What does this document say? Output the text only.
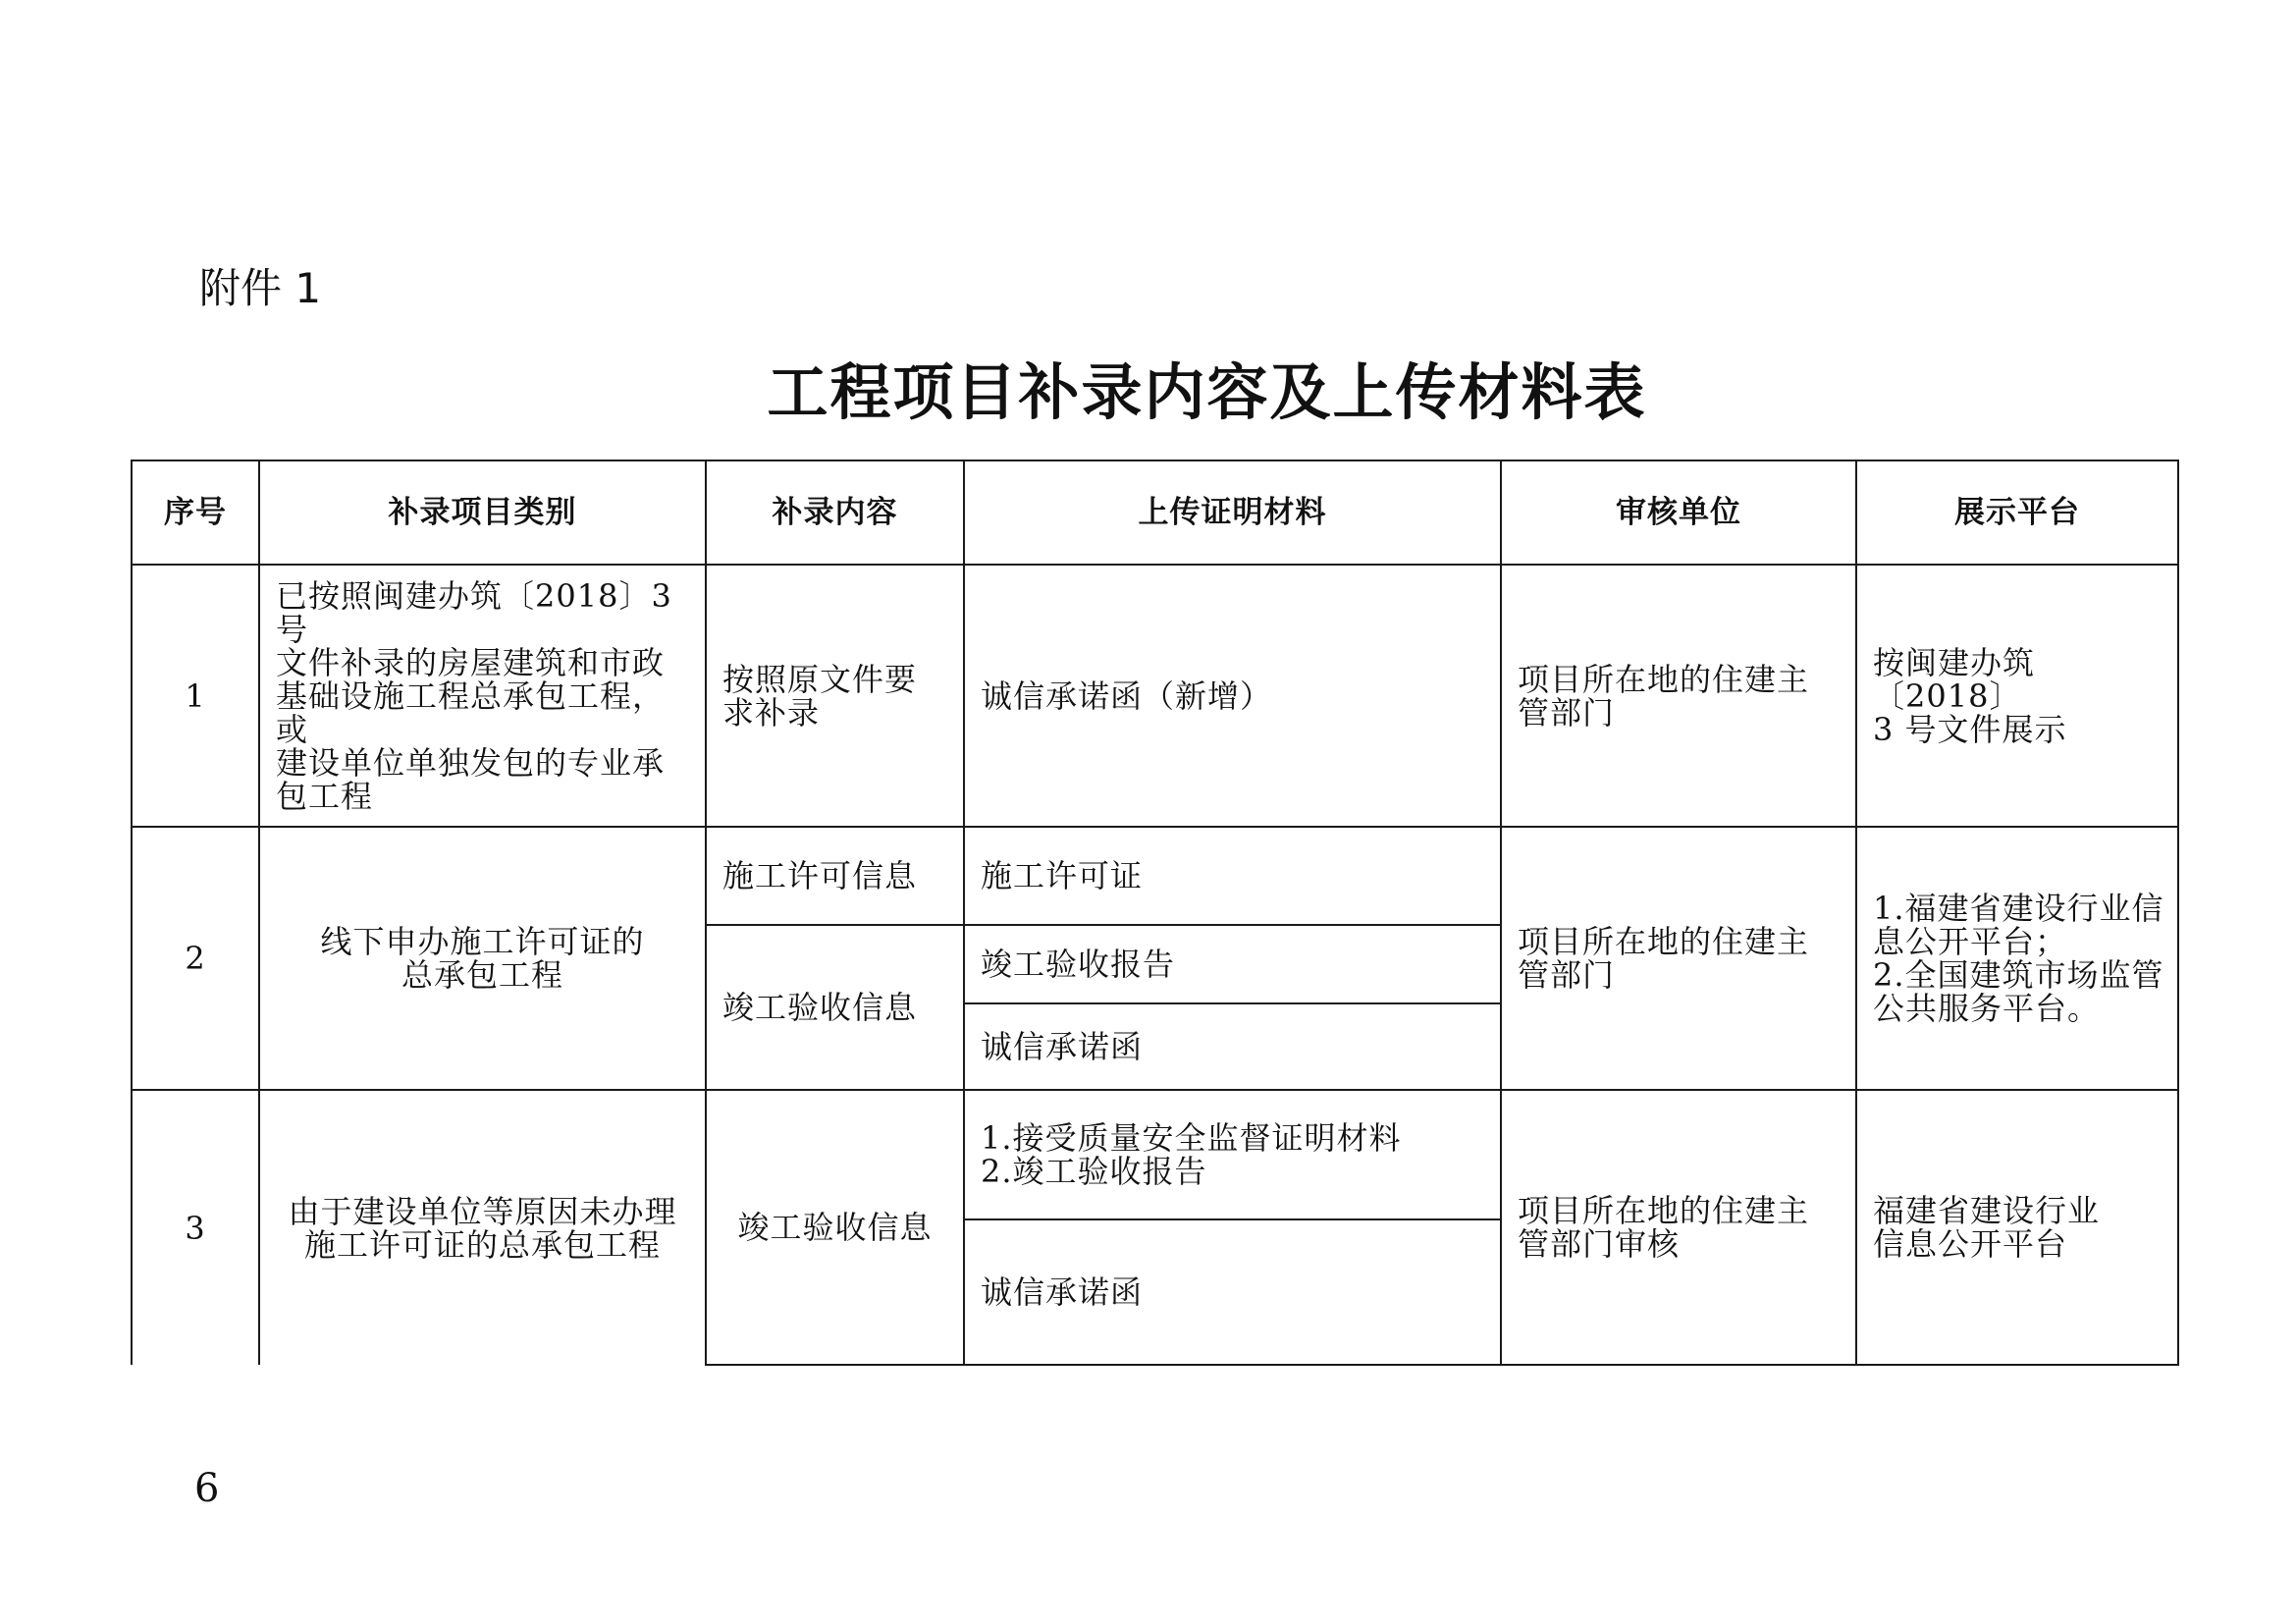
附件 1
工程项目补录内容及上传材料表
序号	补录项目类别	补录内容	上传证明材料	审核单位	展示平台
1	已按照闽建办筑〔2018〕3 号
文件补录的房屋建筑和市政
基础设施工程总承包工程，或
建设单位单独发包的专业承
包工程	按照原文件要
求补录	诚信承诺函（新增）	项目所在地的住建主
管部门	按闽建办筑〔2018〕
3 号文件展示
2	线下申办施工许可证的
总承包工程	施工许可信息	施工许可证	项目所在地的住建主
管部门	1.福建省建设行业信
息公开平台；
2.全国建筑市场监管
公共服务平台。
		竣工验收信息	竣工验收报告		
			诚信承诺函		
3	由于建设单位等原因未办理
施工许可证的总承包工程	竣工验收信息	1.接受质量安全监督证明材料
2.竣工验收报告	项目所在地的住建主
管部门审核	福建省建设行业
信息公开平台
			诚信承诺函		
6
